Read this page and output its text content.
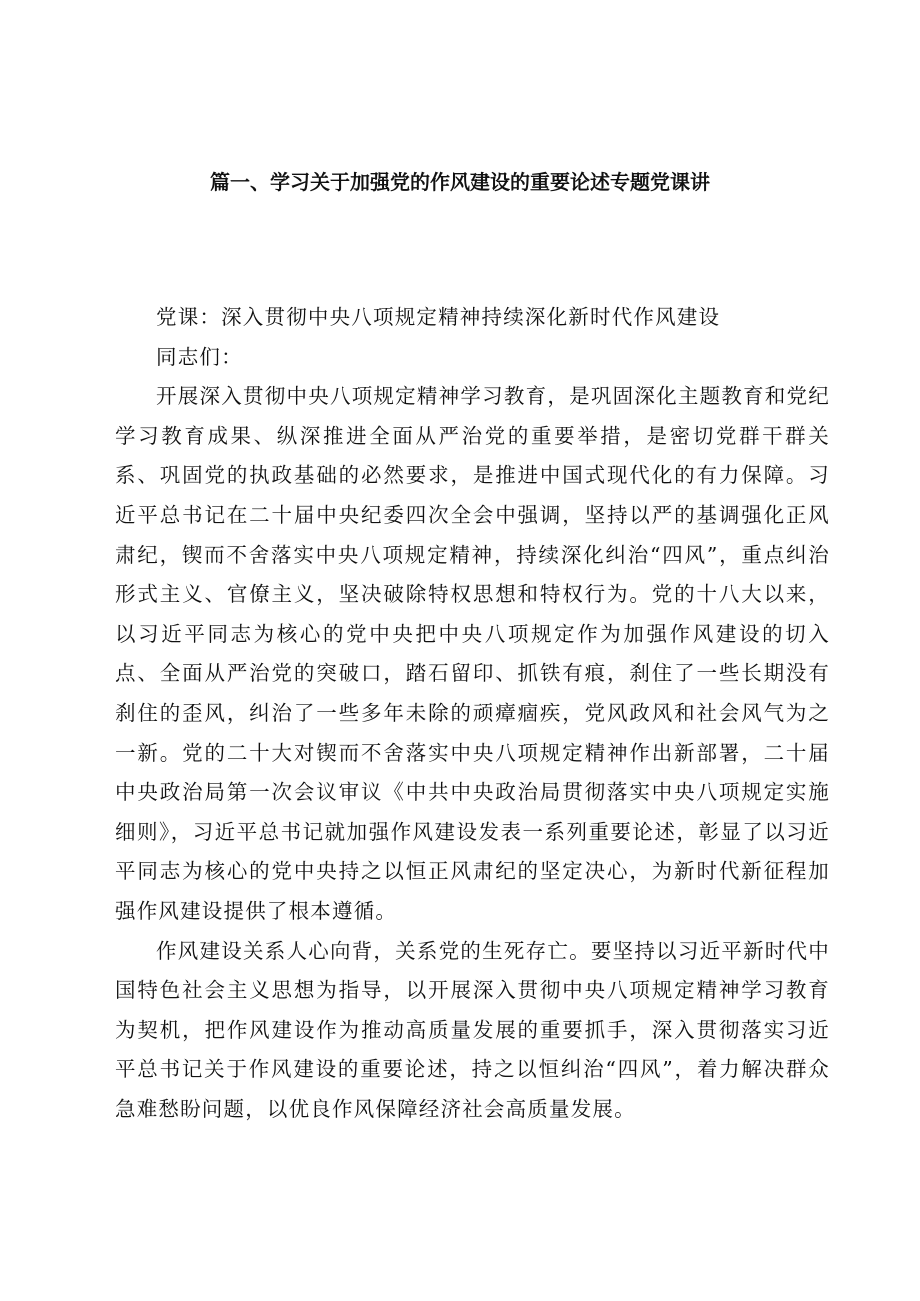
篇一、学习关于加强党的作风建设的重要论述专题党课讲

党课：深入贯彻中央八项规定精神持续深化新时代作风建设

同志们：

开展深入贯彻中央八项规定精神学习教育，是巩固深化主题教育和党纪学习教育成果、纵深推进全面从严治党的重要举措，是密切党群干群关系、巩固党的执政基础的必然要求，是推进中国式现代化的有力保障。习近平总书记在二十届中央纪委四次全会中强调，坚持以严的基调强化正风肃纪，锲而不舍落实中央八项规定精神，持续深化纠治“四风”，重点纠治形式主义、官僚主义，坚决破除特权思想和特权行为。党的十八大以来，以习近平同志为核心的党中央把中央八项规定作为加强作风建设的切入点、全面从严治党的突破口，踏石留印、抓铁有痕，刹住了一些长期没有刹住的歪风，纠治了一些多年未除的顽瘴痼疾，党风政风和社会风气为之一新。党的二十大对锲而不舍落实中央八项规定精神作出新部署，二十届中央政治局第一次会议审议《中共中央政治局贯彻落实中央八项规定实施细则》，习近平总书记就加强作风建设发表一系列重要论述，彰显了以习近平同志为核心的党中央持之以恒正风肃纪的坚定决心，为新时代新征程加强作风建设提供了根本遵循。

作风建设关系人心向背，关系党的生死存亡。要坚持以习近平新时代中国特色社会主义思想为指导，以开展深入贯彻中央八项规定精神学习教育为契机，把作风建设作为推动高质量发展的重要抓手，深入贯彻落实习近平总书记关于作风建设的重要论述，持之以恒纠治“四风”，着力解决群众急难愁盼问题，以优良作风保障经济社会高质量发展。
